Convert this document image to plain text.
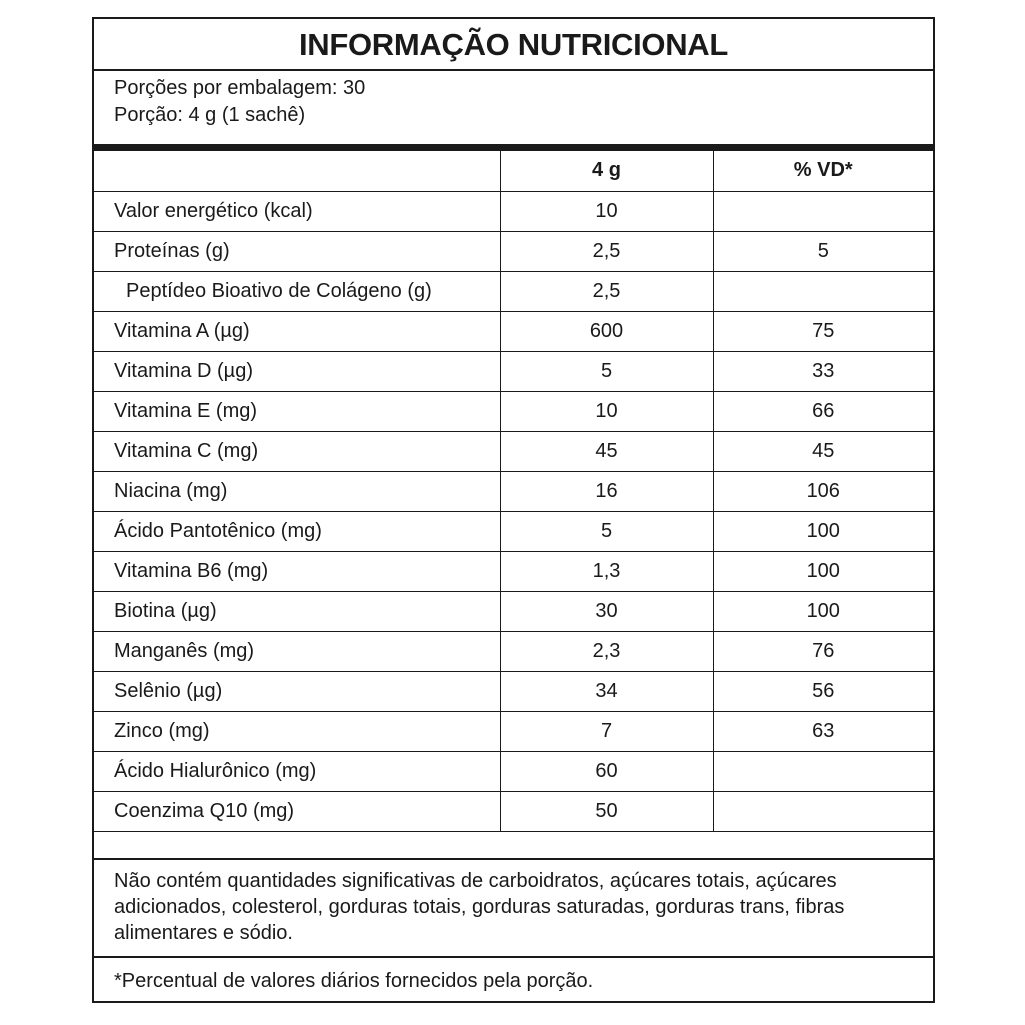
INFORMAÇÃO NUTRICIONAL
Porções por embalagem: 30
Porção: 4 g (1 sachê)
	4 g	% VD*
Valor energético (kcal)	10	
Proteínas (g)	2,5	5
Peptídeo Bioativo de Colágeno (g)	2,5	
Vitamina A (µg)	600	75
Vitamina D (µg)	5	33
Vitamina E (mg)	10	66
Vitamina C (mg)	45	45
Niacina (mg)	16	106
Ácido Pantotênico (mg)	5	100
Vitamina B6 (mg)	1,3	100
Biotina (µg)	30	100
Manganês (mg)	2,3	76
Selênio (µg)	34	56
Zinco (mg)	7	63
Ácido Hialurônico (mg)	60	
Coenzima Q10 (mg)	50	
Não contém quantidades significativas de carboidratos, açúcares totais, açúcares adicionados, colesterol, gorduras totais, gorduras saturadas, gorduras trans, fibras alimentares e sódio.
*Percentual de valores diários fornecidos pela porção.
